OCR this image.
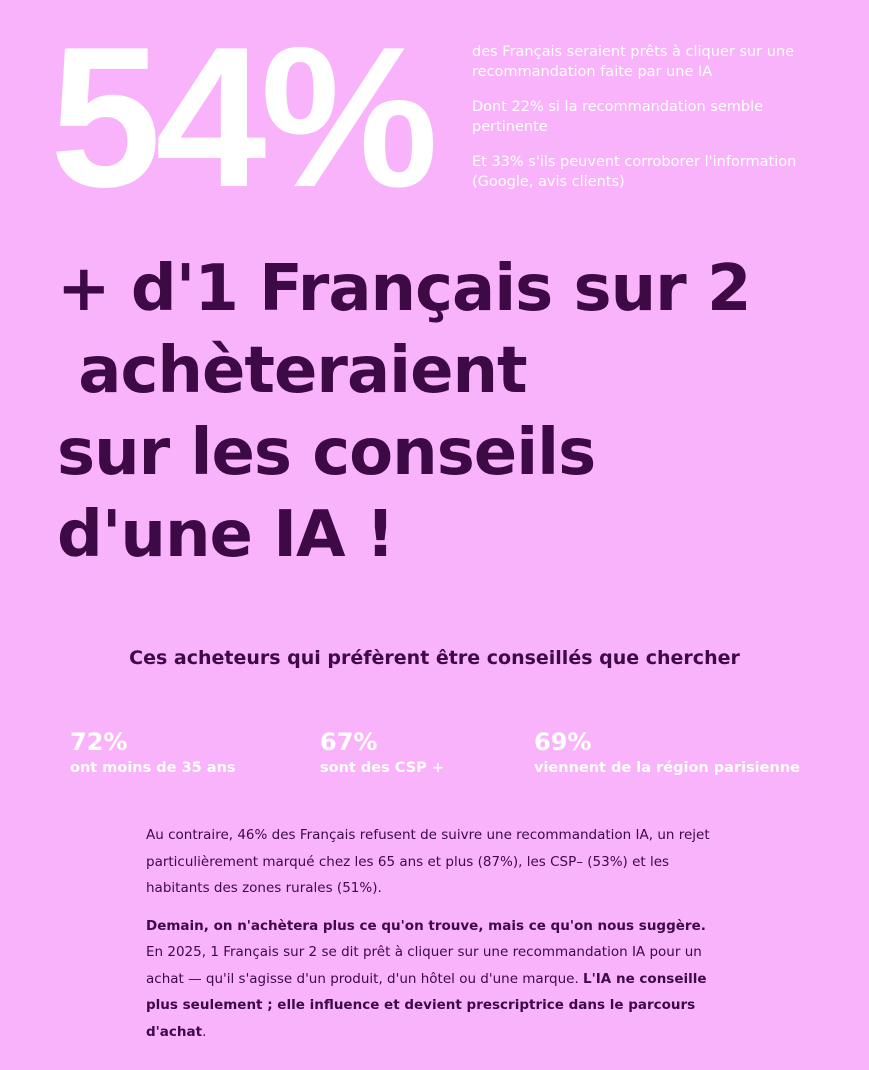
54%	des Français seraient prêts à cliquer sur une recommandation faite par une IA

Dont 22% si la recommandation semble pertinente

Et 33% s'ils peuvent corroborer l'information (Google, avis clients)

+ d'1 Français sur 2
achèteraient
sur les conseils
d'une IA !
Ces acheteurs qui préfèrent être conseillés que chercher
72%
ont moins de 35 ans
67%
sont des CSP +
69%
viennent de la région parisienne

Au contraire, 46% des Français refusent de suivre une recommandation IA, un rejet particulièrement marqué chez les 65 ans et plus (87%), les CSP– (53%) et les habitants des zones rurales (51%).

Demain, on n'achètera plus ce qu'on trouve, mais ce qu'on nous suggère.
En 2025, 1 Français sur 2 se dit prêt à cliquer sur une recommandation IA pour un achat — qu'il s'agisse d'un produit, d'un hôtel ou d'une marque. L'IA ne conseille plus seulement ; elle influence et devient prescriptrice dans le parcours d'achat.
